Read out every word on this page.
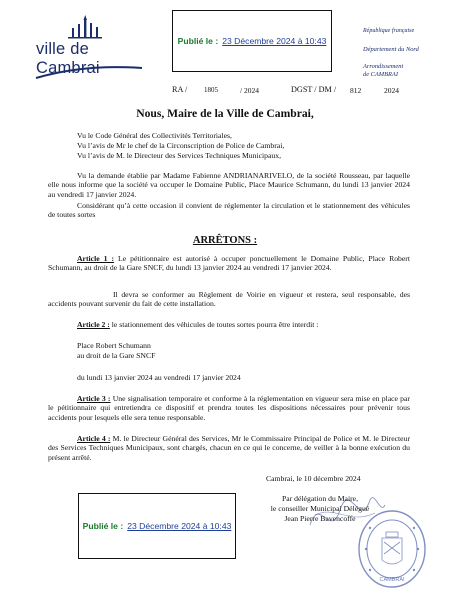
ville de Cambrai
Publié le : 23 Décembre 2024 à 10:43
République française
Département du Nord
Arrondissement
de CAMBRAI
RA / 1805	/ 2024	DGST / DM / 812	2024
Nous, Maire de la Ville de Cambrai,
Vu le Code Général des Collectivités Territoriales,
Vu l’avis de Mr le chef de la Circonscription de Police de Cambrai,
Vu l’avis de M. le Directeur des Services Techniques Municipaux,
Vu la demande établie par Madame Fabienne ANDRIANARIVELO, de la société Rousseau, par laquelle elle nous informe que la société va occuper le Domaine Public, Place Maurice Schumann, du lundi 13 janvier 2024 au vendredi 17 janvier 2024.
Considérant qu’à cette occasion il convient de réglementer la circulation et le stationnement des véhicules de toutes sortes
ARRÊTONS :
Article 1 : Le pétitionnaire est autorisé à occuper ponctuellement le Domaine Public, Place Robert Schumann, au droit de la Gare SNCF, du lundi 13 janvier 2024 au vendredi 17 janvier 2024.
Il devra se conformer au Règlement de Voirie en vigueur et restera, seul responsable, des accidents pouvant survenir du fait de cette installation.
Article 2 : le stationnement des véhicules de toutes sortes pourra être interdit :
Place Robert Schumann
au droit de la Gare SNCF
du lundi 13 janvier 2024 au vendredi 17 janvier 2024
Article 3 : Une signalisation temporaire et conforme à la réglementation en vigueur sera mise en place par le pétitionnaire qui entretiendra ce dispositif et prendra toutes les dispositions nécessaires pour prévenir tous accidents pour lesquels elle sera tenue responsable.
Article 4 : M. le Directeur Général des Services, Mr le Commissaire Principal de Police et M. le Directeur des Services Techniques Municipaux, sont chargés, chacun en ce qui le concerne, de veiller à la bonne exécution du présent arrêté.
Cambrai, le 10 décembre 2024
Par délégation du Maire,
le conseiller Municipal Délégué
Jean Pierre Bavencoffe
CAMBRAI
Publié le : 23 Décembre 2024 à 10:43
